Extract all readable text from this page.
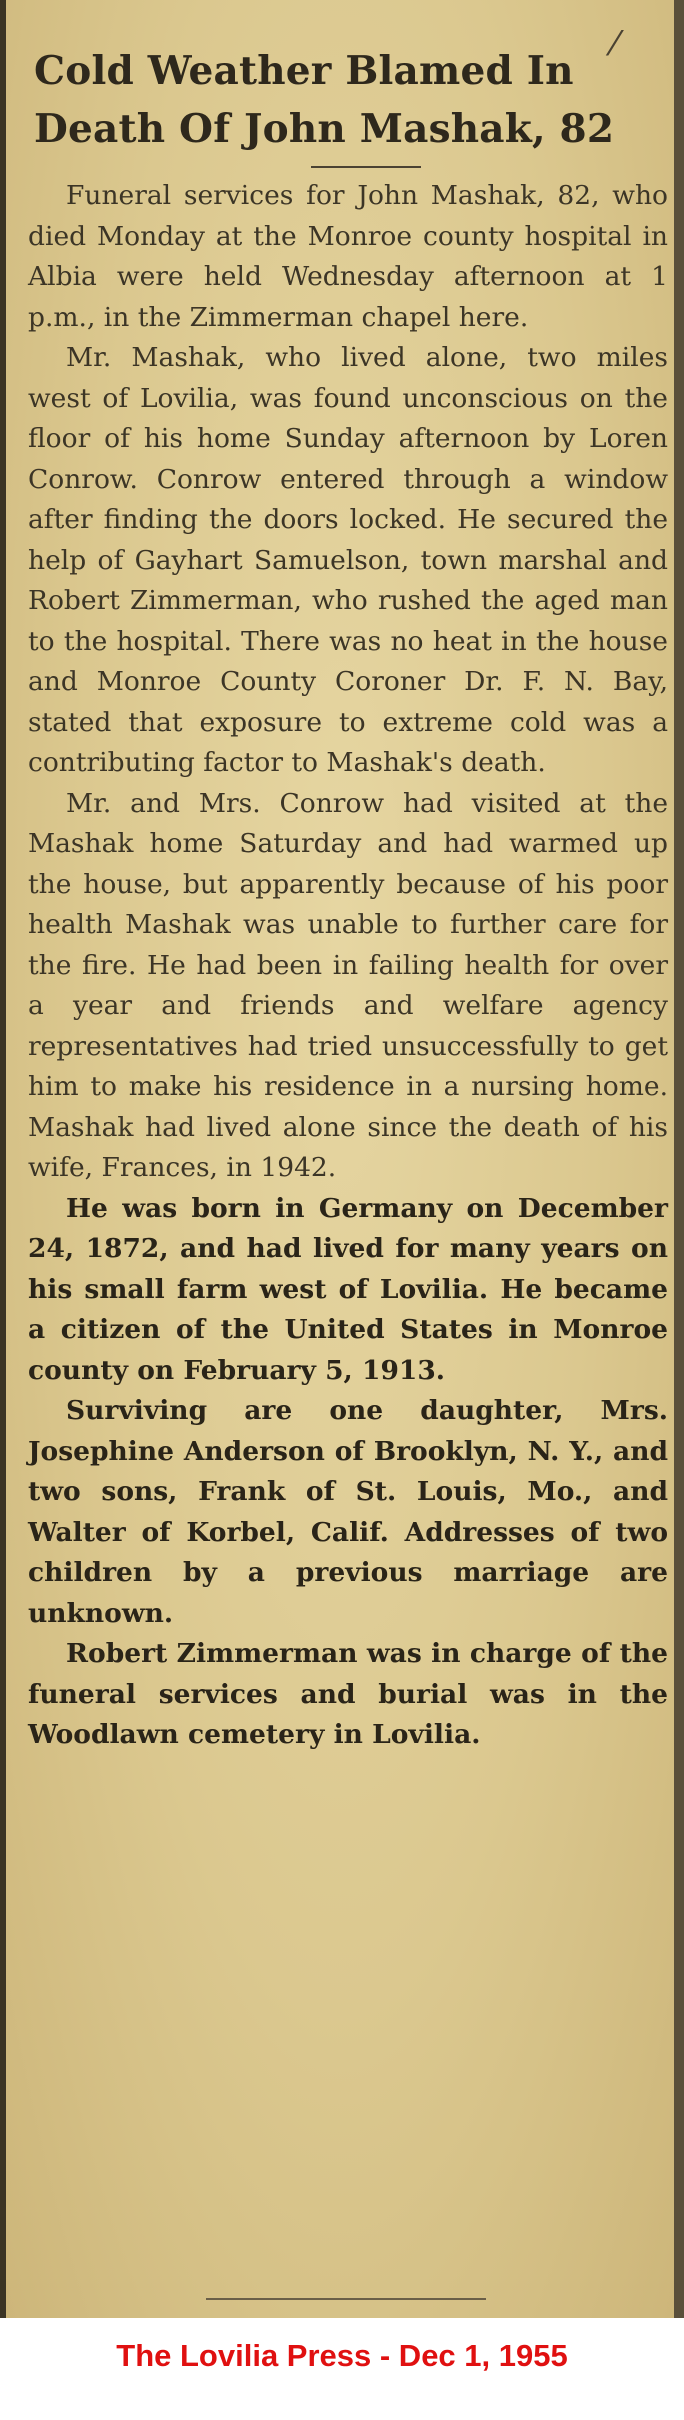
⁄
Cold Weather Blamed In Death Of John Mashak, 82

Funeral services for John Mashak, 82, who died Monday at the Monroe county hospital in Albia were held Wednesday afternoon at 1 p.m., in the Zimmerman chapel here.

Mr. Mashak, who lived alone, two miles west of Lovilia, was found unconscious on the floor of his home Sunday afternoon by Loren Conrow. Conrow entered through a window after finding the doors locked. He secured the help of Gayhart Samuelson, town marshal and Robert Zimmerman, who rushed the aged man to the hospital. There was no heat in the house and Monroe County Coroner Dr. F. N. Bay, stated that exposure to extreme cold was a contributing factor to Mashak's death.

Mr. and Mrs. Conrow had visited at the Mashak home Saturday and had warmed up the house, but apparently because of his poor health Mashak was unable to further care for the fire. He had been in failing health for over a year and friends and welfare agency representatives had tried unsuccessfully to get him to make his residence in a nursing home. Mashak had lived alone since the death of his wife, Frances, in 1942.

He was born in Germany on December 24, 1872, and had lived for many years on his small farm west of Lovilia. He became a citizen of the United States in Monroe county on February 5, 1913.

Surviving are one daughter, Mrs. Josephine Anderson of Brooklyn, N. Y., and two sons, Frank of St. Louis, Mo., and Walter of Korbel, Calif. Addresses of two children by a previous marriage are unknown.

Robert Zimmerman was in charge of the funeral services and burial was in the Woodlawn cemetery in Lovilia.

The Lovilia Press - Dec 1, 1955
